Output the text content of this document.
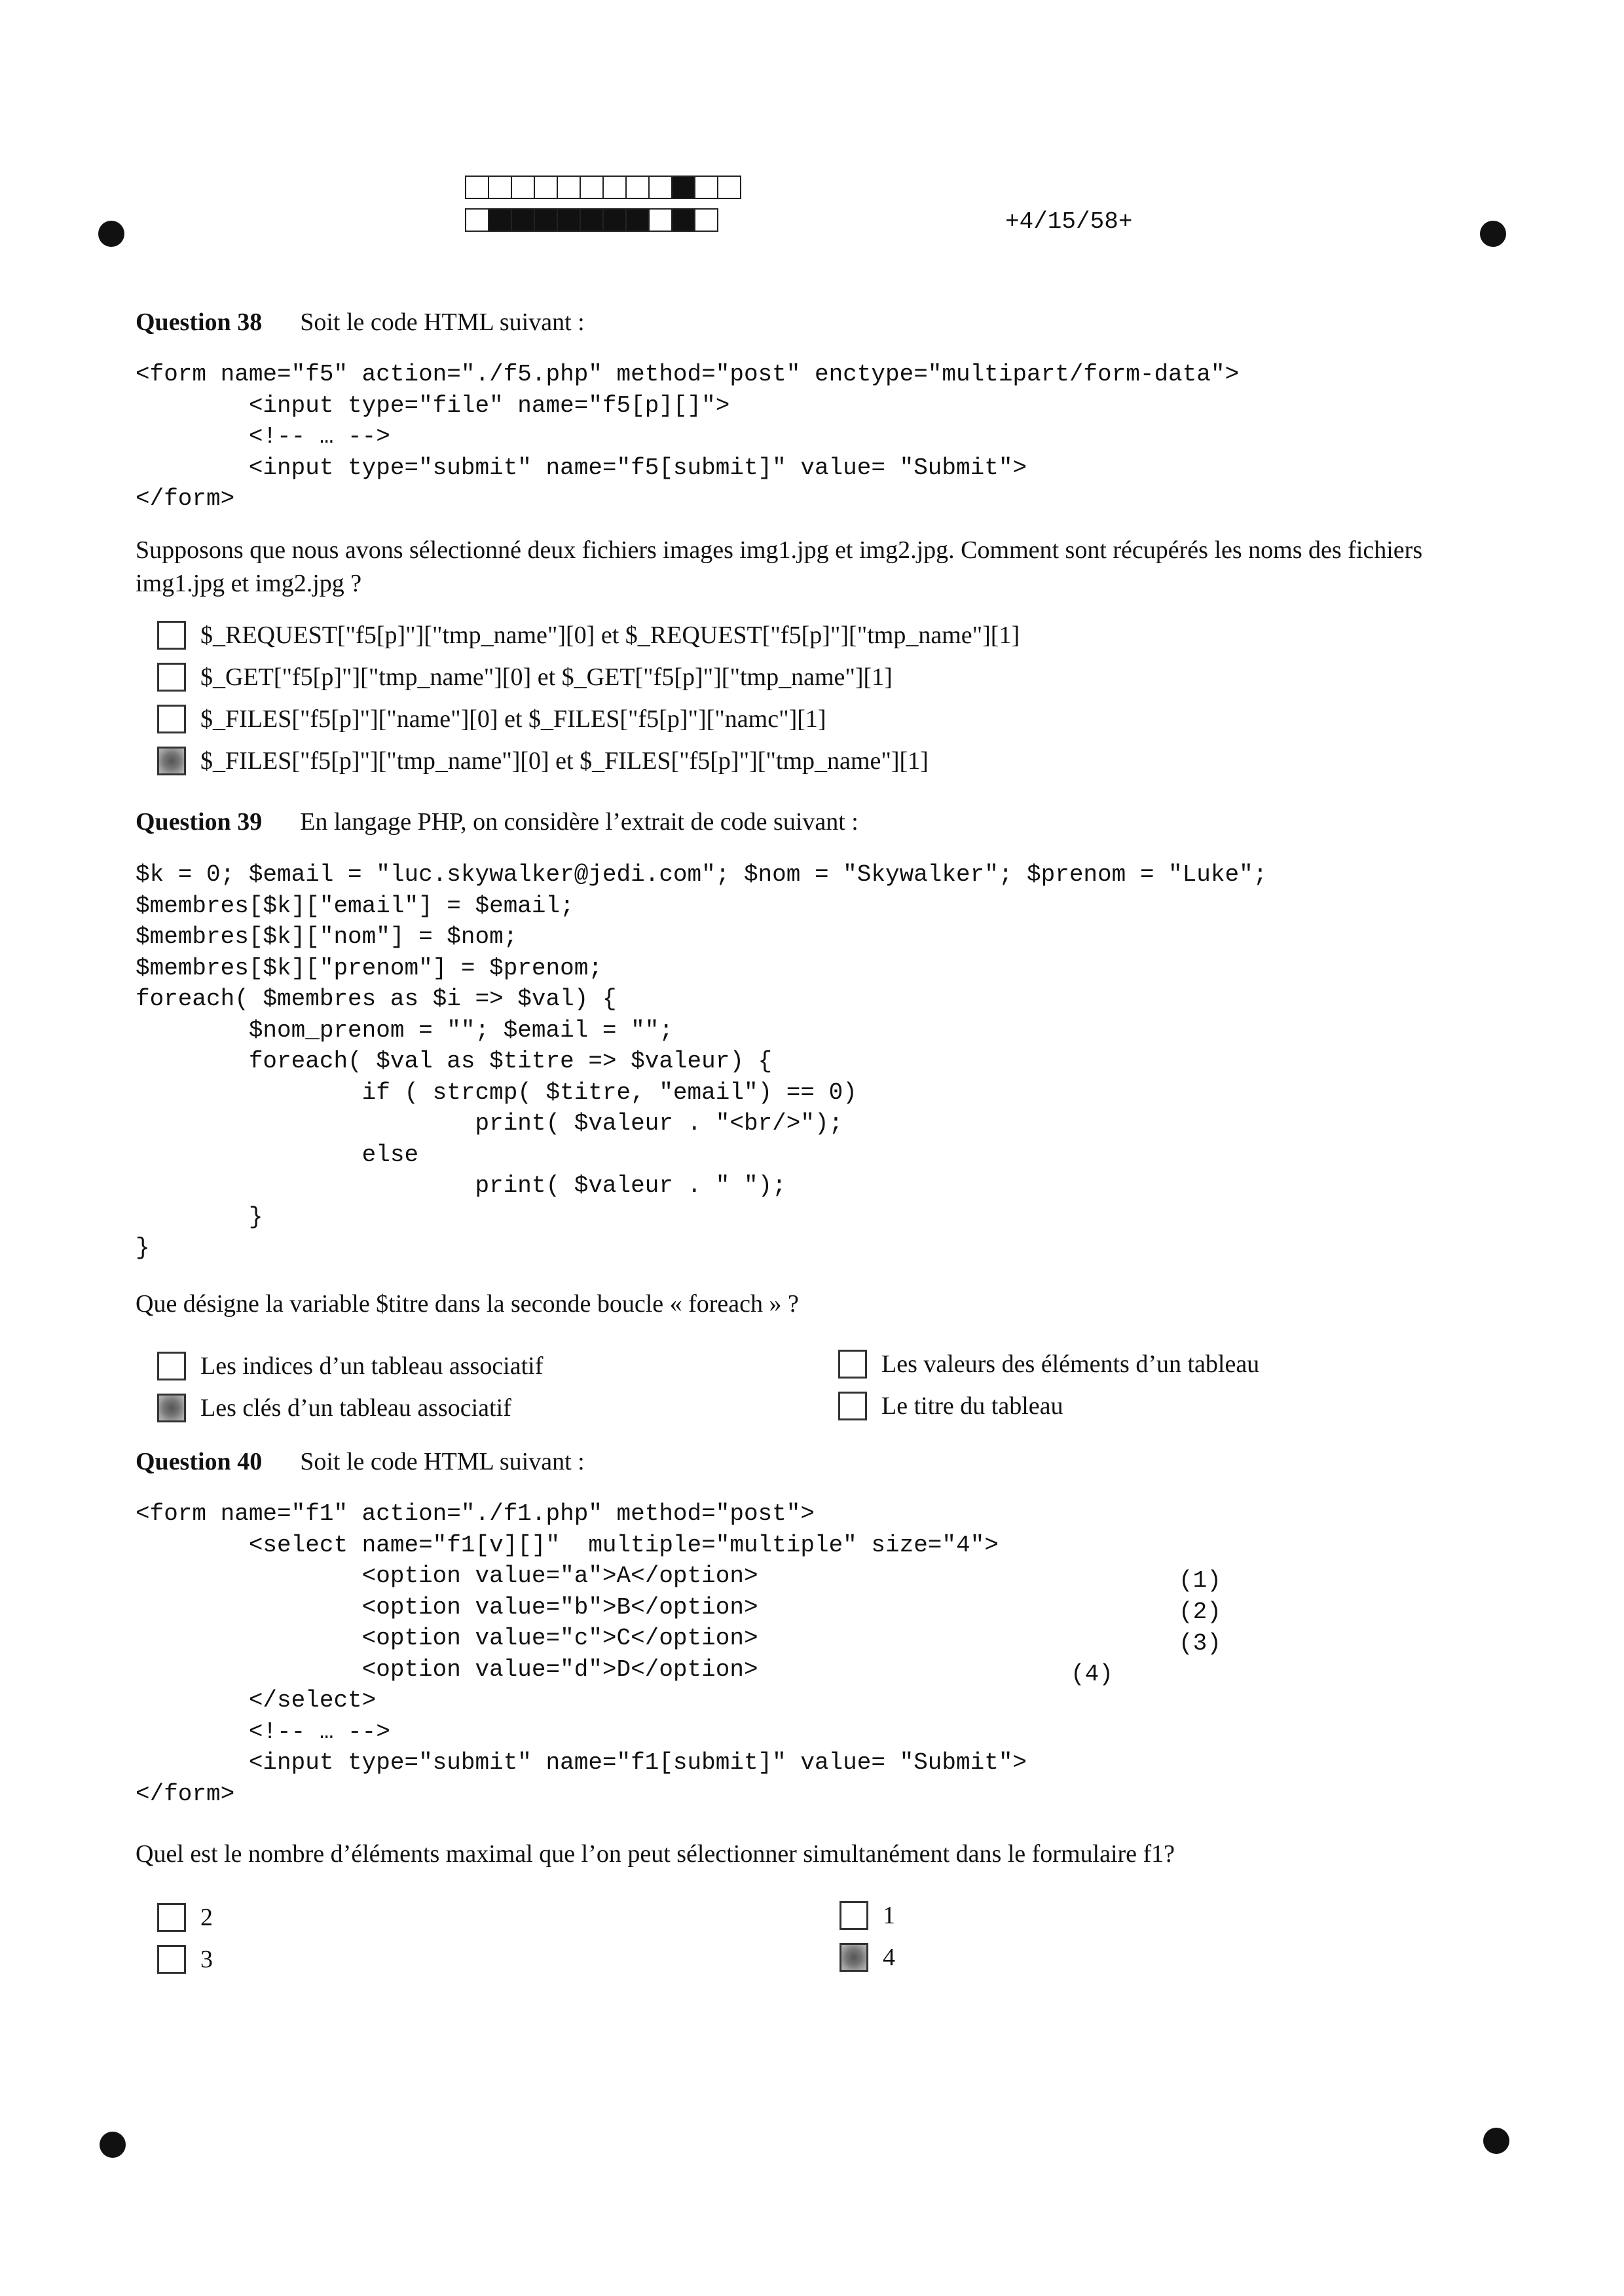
+4/15/58+
Question 38 Soit le code HTML suivant :
<form name="f5" action="./f5.php" method="post" enctype="multipart/form-data">
<input type="file" name="f5[p][]">
<!-- … -->
<input type="submit" name="f5[submit]" value= "Submit">
</form>
Supposons que nous avons sélectionné deux fichiers images img1.jpg et img2.jpg. Comment sont récupérés les noms des fichiers img1.jpg et img2.jpg ?
$_REQUEST["f5[p]"]["tmp_name"][0] et $_REQUEST["f5[p]"]["tmp_name"][1]
$_GET["f5[p]"]["tmp_name"][0] et $_GET["f5[p]"]["tmp_name"][1]
$_FILES["f5[p]"]["name"][0] et $_FILES["f5[p]"]["namc"][1]
$_FILES["f5[p]"]["tmp_name"][0] et $_FILES["f5[p]"]["tmp_name"][1]
Question 39 En langage PHP, on considère l’extrait de code suivant :
$k = 0; $email = "luc.skywalker@jedi.com"; $nom = "Skywalker"; $prenom = "Luke";
$membres[$k]["email"] = $email;
$membres[$k]["nom"] = $nom;
$membres[$k]["prenom"] = $prenom;
foreach( $membres as $i => $val) {
$nom_prenom = ""; $email = "";
foreach( $val as $titre => $valeur) {
if ( strcmp( $titre, "email") == 0)
print( $valeur . "<br/>");
else
print( $valeur . " ");
}
}
Que désigne la variable $titre dans la seconde boucle « foreach » ?
Les indices d’un tableau associatif
Les clés d’un tableau associatif
Les valeurs des éléments d’un tableau
Le titre du tableau
Question 40 Soit le code HTML suivant :
<form name="f1" action="./f1.php" method="post">
<select name="f1[v][]"  multiple="multiple" size="4">
<option value="a">A</option>
<option value="b">B</option>
<option value="c">C</option>
<option value="d">D</option>
</select>
<!-- … -->
<input type="submit" name="f1[submit]" value= "Submit">
</form>
(1)
(2)
(3)
(4)
Quel est le nombre d’éléments maximal que l’on peut sélectionner simultanément dans le formulaire f1?
2
3
1
4
